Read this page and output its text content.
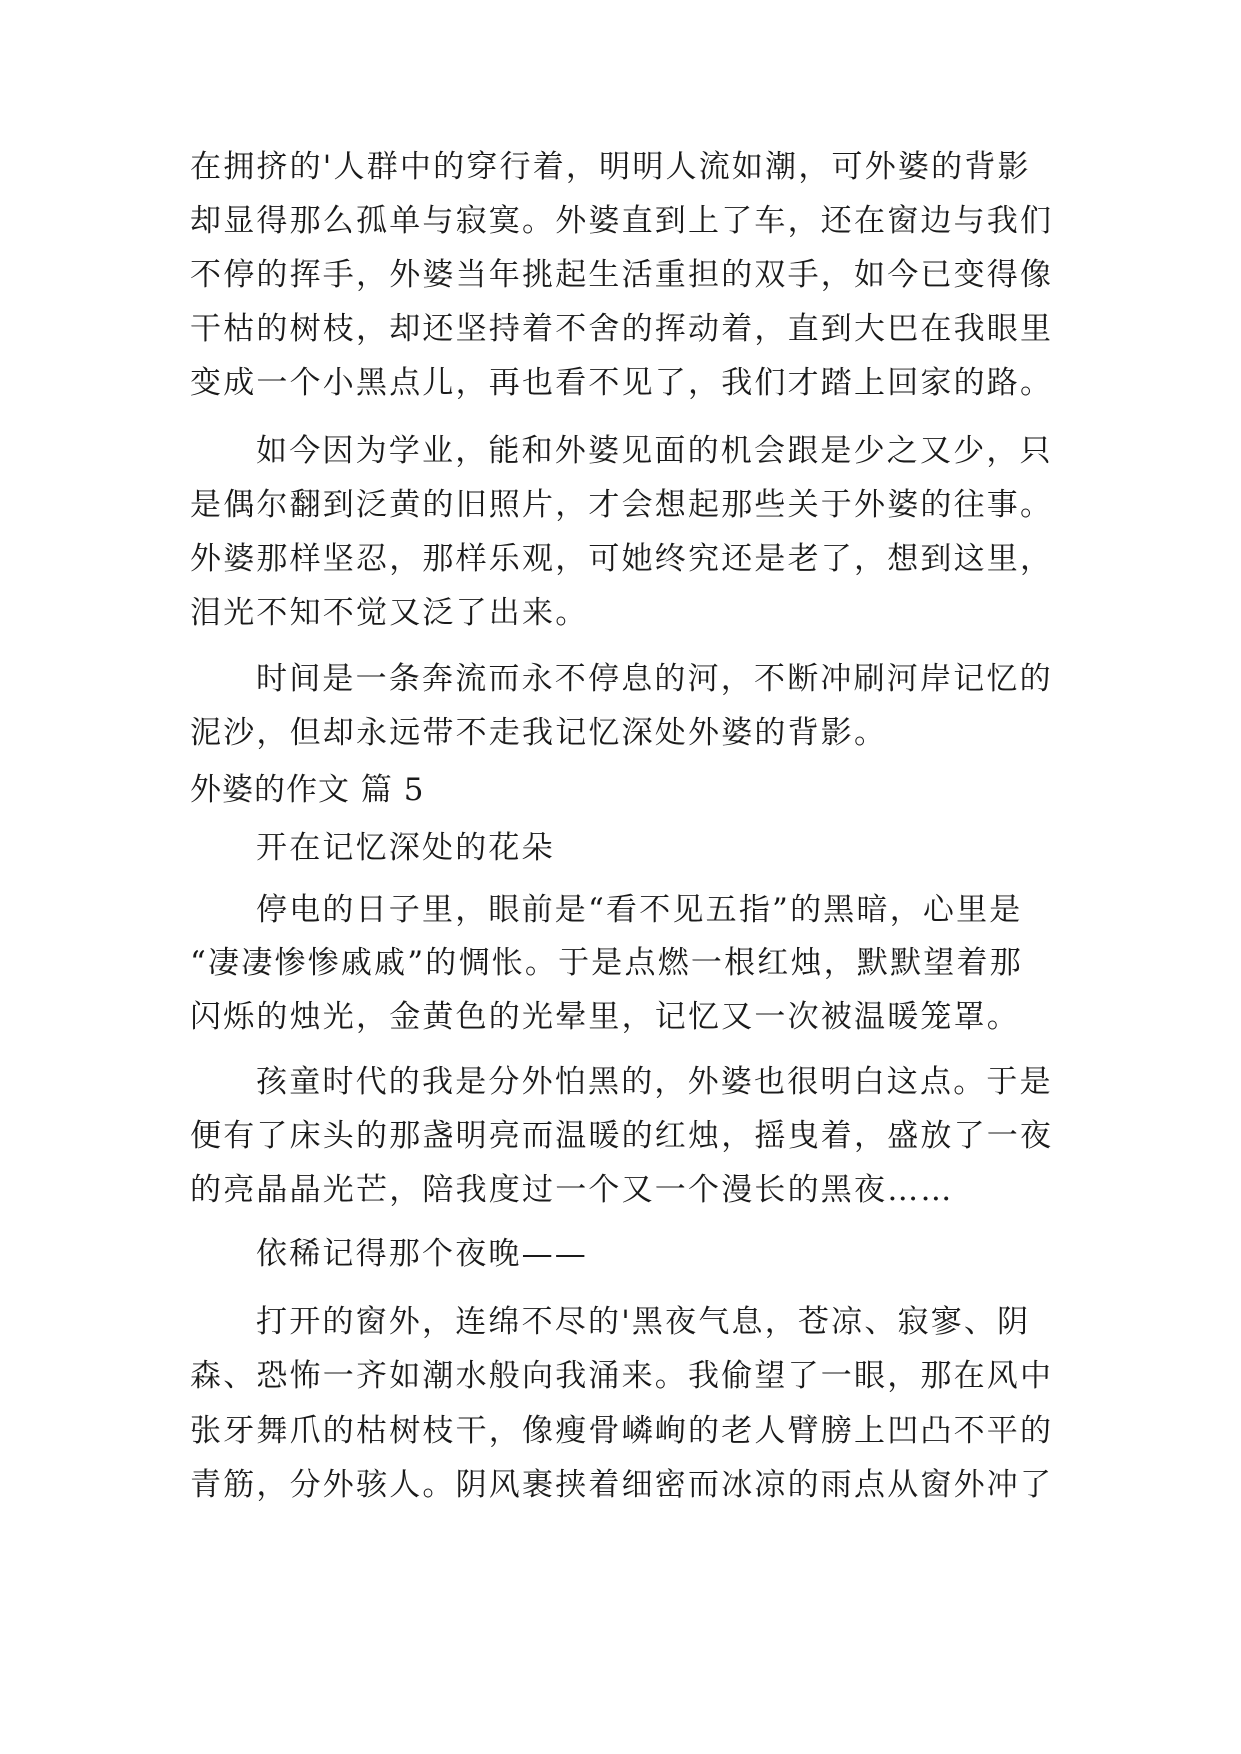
在拥挤的'人群中的穿行着，明明人流如潮，可外婆的背影
却显得那么孤单与寂寞。外婆直到上了车，还在窗边与我们
不停的挥手，外婆当年挑起生活重担的双手，如今已变得像
干枯的树枝，却还坚持着不舍的挥动着，直到大巴在我眼里
变成一个小黑点儿，再也看不见了，我们才踏上回家的路。
如今因为学业，能和外婆见面的机会跟是少之又少，只
是偶尔翻到泛黄的旧照片，才会想起那些关于外婆的往事。
外婆那样坚忍，那样乐观，可她终究还是老了，想到这里，
泪光不知不觉又泛了出来。
时间是一条奔流而永不停息的河，不断冲刷河岸记忆的
泥沙，但却永远带不走我记忆深处外婆的背影。
外婆的作文 篇 5
开在记忆深处的花朵
停电的日子里，眼前是“看不见五指”的黑暗，心里是
“凄凄惨惨戚戚”的惆怅。于是点燃一根红烛，默默望着那
闪烁的烛光，金黄色的光晕里，记忆又一次被温暖笼罩。
孩童时代的我是分外怕黑的，外婆也很明白这点。于是
便有了床头的那盏明亮而温暖的红烛，摇曳着，盛放了一夜
的亮晶晶光芒，陪我度过一个又一个漫长的黑夜……
依稀记得那个夜晚——
打开的窗外，连绵不尽的'黑夜气息，苍凉、寂寥、阴
森、恐怖一齐如潮水般向我涌来。我偷望了一眼，那在风中
张牙舞爪的枯树枝干，像瘦骨嶙峋的老人臂膀上凹凸不平的
青筋，分外骇人。阴风裹挟着细密而冰凉的雨点从窗外冲了
